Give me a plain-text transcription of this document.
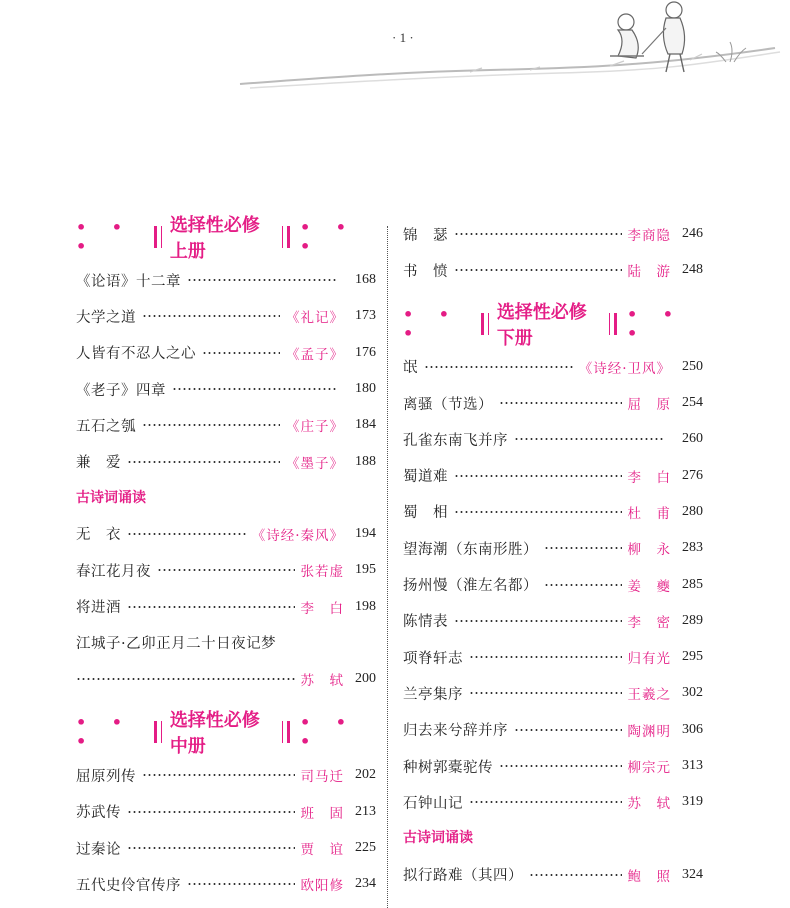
· 1 ·
• • •
选择性必修上册
• • •
《论语》十二章	168
大学之道	《礼记》 173
人皆有不忍人之心	《孟子》 176
《老子》四章	180
五石之瓠	《庄子》 184
兼　爱	《墨子》 188
古诗词诵读
无　衣	《诗经·秦风》 194
春江花月夜	张若虚 195
将进酒	李　白 198
江城子·乙卯正月二十日夜记梦
苏　轼 200
• • •
选择性必修中册
• • •
屈原列传	司马迁 202
苏武传	班　固 213
过秦论	贾　谊 225
五代史伶官传序	欧阳修 234
锦　瑟	李商隐 246
书　愤	陆　游 248
• • •
选择性必修下册
• • •
氓	《诗经·卫风》 250
离骚（节选）	屈　原 254
孔雀东南飞并序	260
蜀道难	李　白 276
蜀　相	杜　甫 280
望海潮（东南形胜）	柳　永 283
扬州慢（淮左名都）	姜　夔 285
陈情表	李　密 289
项脊轩志	归有光 295
兰亭集序	王羲之 302
归去来兮辞并序	陶渊明 306
种树郭橐驼传	柳宗元 313
石钟山记	苏　轼 319
古诗词诵读
拟行路难（其四）	鲍　照 324
